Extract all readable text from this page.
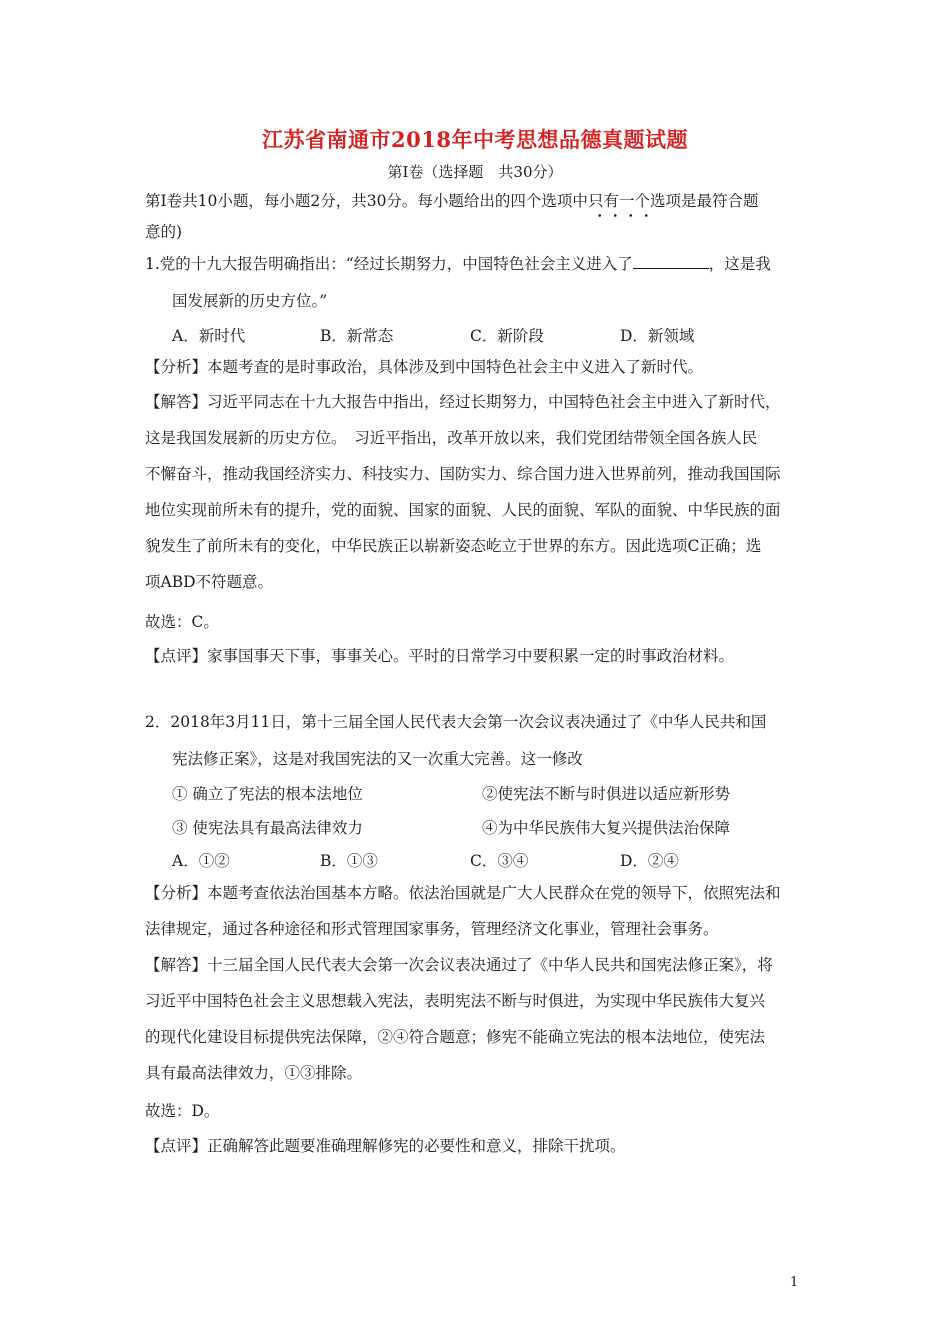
江苏省南通市2018年中考思想品德真题试题
第Ⅰ卷（选择题　共30分）
第Ⅰ卷共10小题，每小题2分，共30分。每小题给出的四个选项中只有一个选项是最符合题
意的)
1.党的十九大报告明确指出：“经过长期努力，中国特色社会主义进入了	，这是我
国发展新的历史方位。”
A．新时代	B．新常态	C．新阶段	D．新领域
【分析】本题考查的是时事政治，具体涉及到中国特色社会主中义进入了新时代。
【解答】习近平同志在十九大报告中指出，经过长期努力，中国特色社会主中进入了新时代，
这是我国发展新的历史方位。　习近平指出，改革开放以来，我们党团结带领全国各族人民
不懈奋斗，推动我国经济实力、科技实力、国防实力、综合国力进入世界前列，推动我国国际
地位实现前所未有的提升，党的面貌、国家的面貌、人民的面貌、军队的面貌、中华民族的面
貌发生了前所未有的变化，中华民族正以崭新姿态屹立于世界的东方。因此选项C正确；选
项ABD不符题意。
故选：C。
【点评】家事国事天下事，事事关心。平时的日常学习中要积累一定的时事政治材料。
2．2018年3月11日，第十三届全国人民代表大会第一次会议表决通过了《中华人民共和国
宪法修正案》，这是对我国宪法的又一次重大完善。这一修改
① 确立了宪法的根本法地位	②使宪法不断与时俱进以适应新形势
③ 使宪法具有最高法律效力	④为中华民族伟大复兴提供法治保障
A．①②	B．①③	C．③④	D．②④
【分析】本题考查依法治国基本方略。依法治国就是广大人民群众在党的领导下，依照宪法和
法律规定，通过各种途径和形式管理国家事务，管理经济文化事业，管理社会事务。
【解答】十三届全国人民代表大会第一次会议表决通过了《中华人民共和国宪法修正案》，将
习近平中国特色社会主义思想载入宪法，表明宪法不断与时俱进，为实现中华民族伟大复兴
的现代化建设目标提供宪法保障，②④符合题意；修宪不能确立宪法的根本法地位，使宪法
具有最高法律效力，①③排除。
故选：D。
【点评】正确解答此题要准确理解修宪的必要性和意义，排除干扰项。
1
